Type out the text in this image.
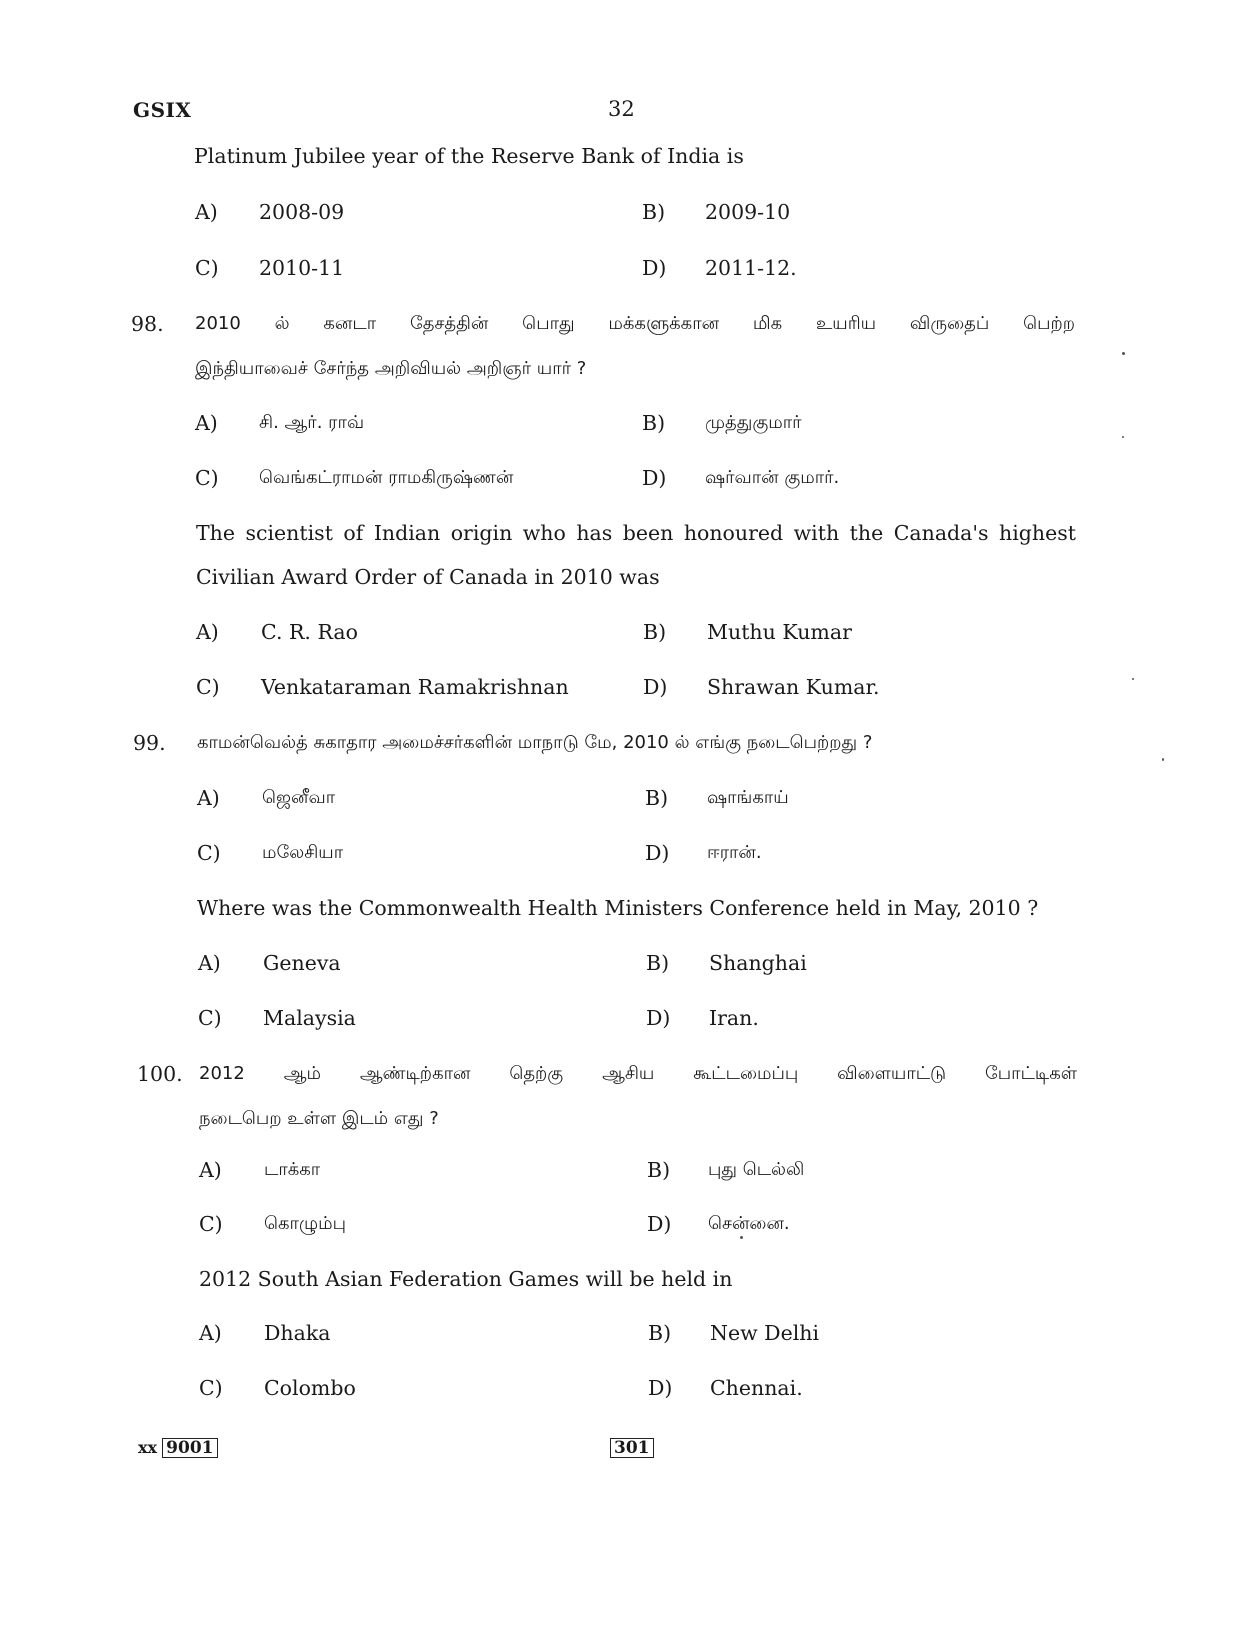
GSIX	32
Platinum Jubilee year of the Reserve Bank of India is
A) 2008-09	B) 2009-10
C) 2010-11	D) 2011-12.
98. 2010 ல் கனடா தேசத்தின் பொது மக்களுக்கான மிக உயரிய விருதைப் பெற்ற
இந்தியாவைச் சேர்ந்த அறிவியல் அறிஞர் யார் ?
A) சி. ஆர். ராவ்	B) முத்துகுமார்
C) வெங்கட்ராமன் ராமகிருஷ்ணன்	D) ஷர்வான் குமார்.
The scientist of Indian origin who has been honoured with the Canada's highest
Civilian Award Order of Canada in 2010 was
A) C. R. Rao	B) Muthu Kumar
C) Venkataraman Ramakrishnan	D) Shrawan Kumar.
99. காமன்வெல்த் சுகாதார அமைச்சர்களின் மாநாடு மே, 2010 ல் எங்கு நடைபெற்றது ?
A) ஜெனீவா	B) ஷாங்காய்
C) மலேசியா	D) ஈரான்.
Where was the Commonwealth Health Ministers Conference held in May, 2010 ?
A) Geneva	B) Shanghai
C) Malaysia	D) Iran.
100. 2012 ஆம் ஆண்டிற்கான தெற்கு ஆசிய கூட்டமைப்பு விளையாட்டு போட்டிகள்
நடைபெற உள்ள இடம் எது ?
A) டாக்கா	B) புது டெல்லி
C) கொழும்பு	D) சென்னை.
2012 South Asian Federation Games will be held in
A) Dhaka	B) New Delhi
C) Colombo	D) Chennai.
xx 9001	301
